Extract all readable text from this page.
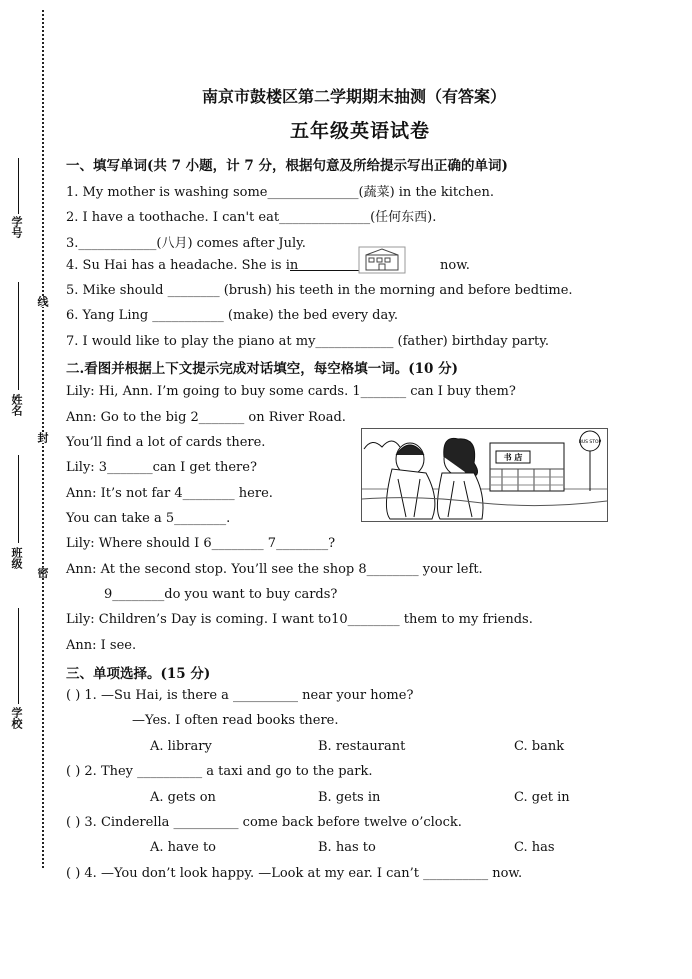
学号
姓名
班级
学校
线
封
密
南京市鼓楼区第二学期期末抽测（有答案）
五年级英语试卷
一、填写单词(共 7 小题，计 7 分，根据句意及所给提示写出正确的单词)
1. My mother is washing some______________(蔬菜) in the kitchen.
2. I have a toothache. I can't eat______________(任何东西).
3.____________(八月) comes after July.
4. Su Hai has a headache. She is in	now.
5. Mike should ________ (brush) his teeth in the morning and before bedtime.
6. Yang Ling ___________ (make) the bed every day.
7. I would like to play the piano at my____________ (father) birthday party.
二.看图并根据上下文提示完成对话填空，每空格填一词。(10 分)
Lily: Hi, Ann. I’m going to buy some cards. 1_______ can I buy them?
Ann: Go to the big 2_______ on River Road.
You’ll find a lot of cards there.
Lily: 3_______can I get there?
Ann: It’s not far 4________ here.
You can take a 5________.
Lily: Where should I 6________ 7________?
Ann: At the second stop. You’ll see the shop 8________ your left.
9________do you want to buy cards?
Lily: Children’s Day is coming. I want to10________ them to my friends.
Ann: I see.
书 店
BUS STOP
三、单项选择。(15 分)
( ) 1. —Su Hai, is there a __________ near your home?
—Yes. I often read books there.
A. library	B. restaurant	C. bank
( ) 2. They __________ a taxi and go to the park.
A. gets on	B. gets in	C. get in
( ) 3. Cinderella __________ come back before twelve o’clock.
A. have to	B. has to	C. has
( ) 4. —You don’t look happy. —Look at my ear. I can’t __________ now.
